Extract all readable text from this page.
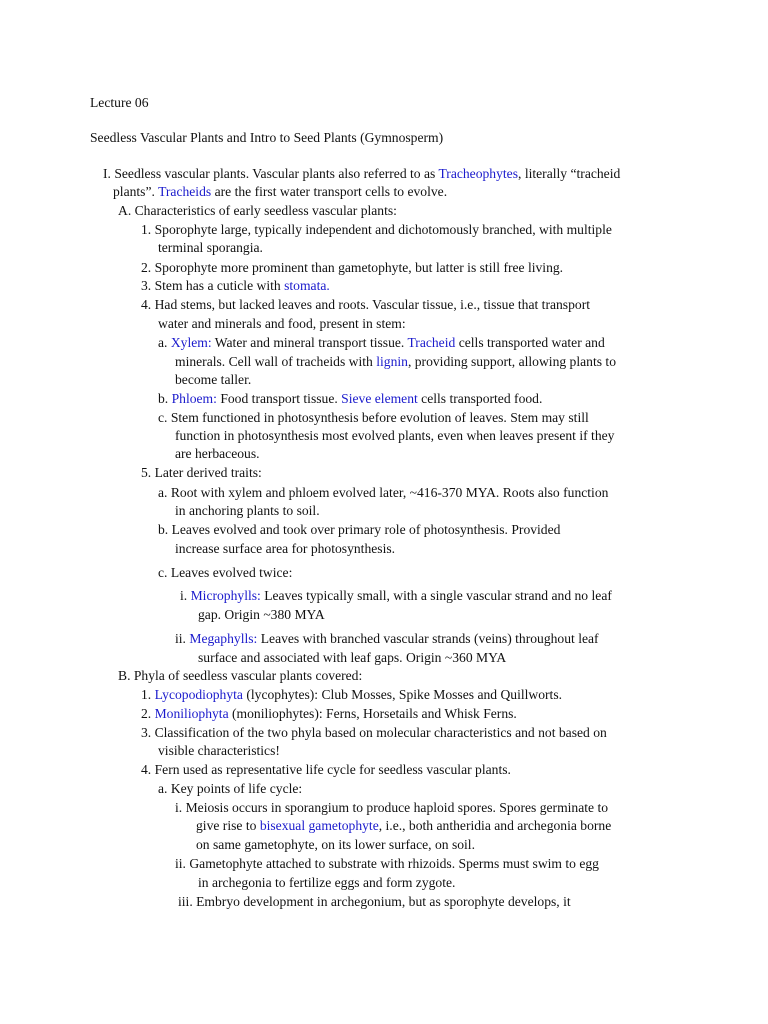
Lecture 06
Seedless Vascular Plants and Intro to Seed Plants (Gymnosperm)
I. Seedless vascular plants. Vascular plants also referred to as Tracheophytes, literally “tracheid
plants”. Tracheids are the first water transport cells to evolve.
A. Characteristics of early seedless vascular plants:
1. Sporophyte large, typically independent and dichotomously branched, with multiple
terminal sporangia.
2. Sporophyte more prominent than gametophyte, but latter is still free living.
3. Stem has a cuticle with stomata.
4. Had stems, but lacked leaves and roots. Vascular tissue, i.e., tissue that transport
water and minerals and food, present in stem:
a. Xylem: Water and mineral transport tissue. Tracheid cells transported water and
minerals. Cell wall of tracheids with lignin, providing support, allowing plants to
become taller.
b. Phloem: Food transport tissue. Sieve element cells transported food.
c. Stem functioned in photosynthesis before evolution of leaves. Stem may still
function in photosynthesis most evolved plants, even when leaves present if they
are herbaceous.
5. Later derived traits:
a. Root with xylem and phloem evolved later, ~416-370 MYA. Roots also function
in anchoring plants to soil.
b. Leaves evolved and took over primary role of photosynthesis. Provided
increase surface area for photosynthesis.
c. Leaves evolved twice:
i. Microphylls: Leaves typically small, with a single vascular strand and no leaf
gap. Origin ~380 MYA
ii. Megaphylls: Leaves with branched vascular strands (veins) throughout leaf
surface and associated with leaf gaps. Origin ~360 MYA
B. Phyla of seedless vascular plants covered:
1. Lycopodiophyta (lycophytes): Club Mosses, Spike Mosses and Quillworts.
2. Moniliophyta (moniliophytes): Ferns, Horsetails and Whisk Ferns.
3. Classification of the two phyla based on molecular characteristics and not based on
visible characteristics!
4. Fern used as representative life cycle for seedless vascular plants.
a. Key points of life cycle:
i. Meiosis occurs in sporangium to produce haploid spores. Spores germinate to
give rise to bisexual gametophyte, i.e., both antheridia and archegonia borne
on same gametophyte, on its lower surface, on soil.
ii. Gametophyte attached to substrate with rhizoids. Sperms must swim to egg
in archegonia to fertilize eggs and form zygote.
iii. Embryo development in archegonium, but as sporophyte develops, it
